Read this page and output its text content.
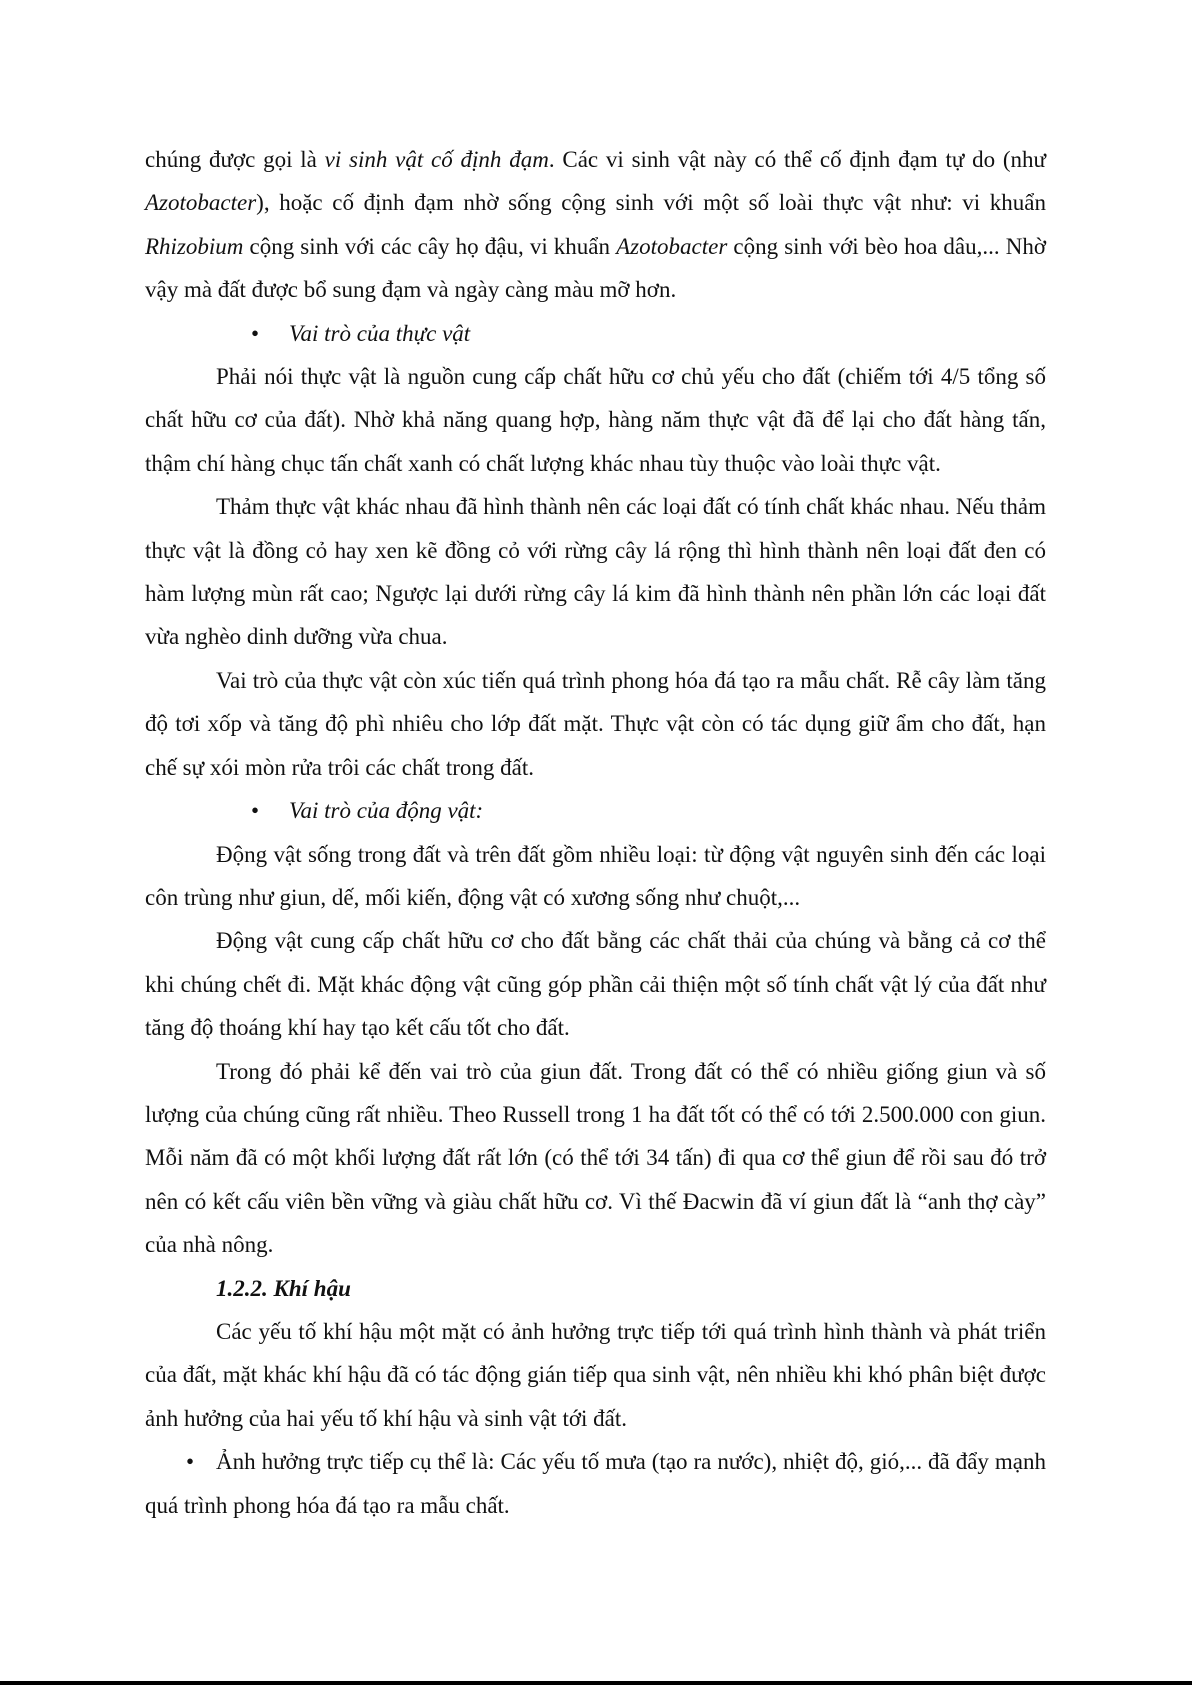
chúng được gọi là vi sinh vật cố định đạm. Các vi sinh vật này có thể cố định đạm tự do (như Azotobacter), hoặc cố định đạm nhờ sống cộng sinh với một số loài thực vật như: vi khuẩn Rhizobium cộng sinh với các cây họ đậu, vi khuẩn Azotobacter cộng sinh với bèo hoa dâu,... Nhờ vậy mà đất được bổ sung đạm và ngày càng màu mỡ hơn.

• Vai trò của thực vật

Phải nói thực vật là nguồn cung cấp chất hữu cơ chủ yếu cho đất (chiếm tới 4/5 tổng số chất hữu cơ của đất). Nhờ khả năng quang hợp, hàng năm thực vật đã để lại cho đất hàng tấn, thậm chí hàng chục tấn chất xanh có chất lượng khác nhau tùy thuộc vào loài thực vật.

Thảm thực vật khác nhau đã hình thành nên các loại đất có tính chất khác nhau. Nếu thảm thực vật là đồng cỏ hay xen kẽ đồng cỏ với rừng cây lá rộng thì hình thành nên loại đất đen có hàm lượng mùn rất cao; Ngược lại dưới rừng cây lá kim đã hình thành nên phần lớn các loại đất vừa nghèo dinh dưỡng vừa chua.

Vai trò của thực vật còn xúc tiến quá trình phong hóa đá tạo ra mẫu chất. Rễ cây làm tăng độ tơi xốp và tăng độ phì nhiêu cho lớp đất mặt. Thực vật còn có tác dụng giữ ẩm cho đất, hạn chế sự xói mòn rửa trôi các chất trong đất.

• Vai trò của động vật:

Động vật sống trong đất và trên đất gồm nhiều loại: từ động vật nguyên sinh đến các loại côn trùng như giun, dế, mối kiến, động vật có xương sống như chuột,...

Động vật cung cấp chất hữu cơ cho đất bằng các chất thải của chúng và bằng cả cơ thể khi chúng chết đi. Mặt khác động vật cũng góp phần cải thiện một số tính chất vật lý của đất như tăng độ thoáng khí hay tạo kết cấu tốt cho đất.

Trong đó phải kể đến vai trò của giun đất. Trong đất có thể có nhiều giống giun và số lượng của chúng cũng rất nhiều. Theo Russell trong 1 ha đất tốt có thể có tới 2.500.000 con giun. Mỗi năm đã có một khối lượng đất rất lớn (có thể tới 34 tấn) đi qua cơ thể giun để rồi sau đó trở nên có kết cấu viên bền vững và giàu chất hữu cơ. Vì thế Đacwin đã ví giun đất là “anh thợ cày” của nhà nông.

1.2.2. Khí hậu

Các yếu tố khí hậu một mặt có ảnh hưởng trực tiếp tới quá trình hình thành và phát triển của đất, mặt khác khí hậu đã có tác động gián tiếp qua sinh vật, nên nhiều khi khó phân biệt được ảnh hưởng của hai yếu tố khí hậu và sinh vật tới đất.

• Ảnh hưởng trực tiếp cụ thể là: Các yếu tố mưa (tạo ra nước), nhiệt độ, gió,... đã đẩy mạnh quá trình phong hóa đá tạo ra mẫu chất.
